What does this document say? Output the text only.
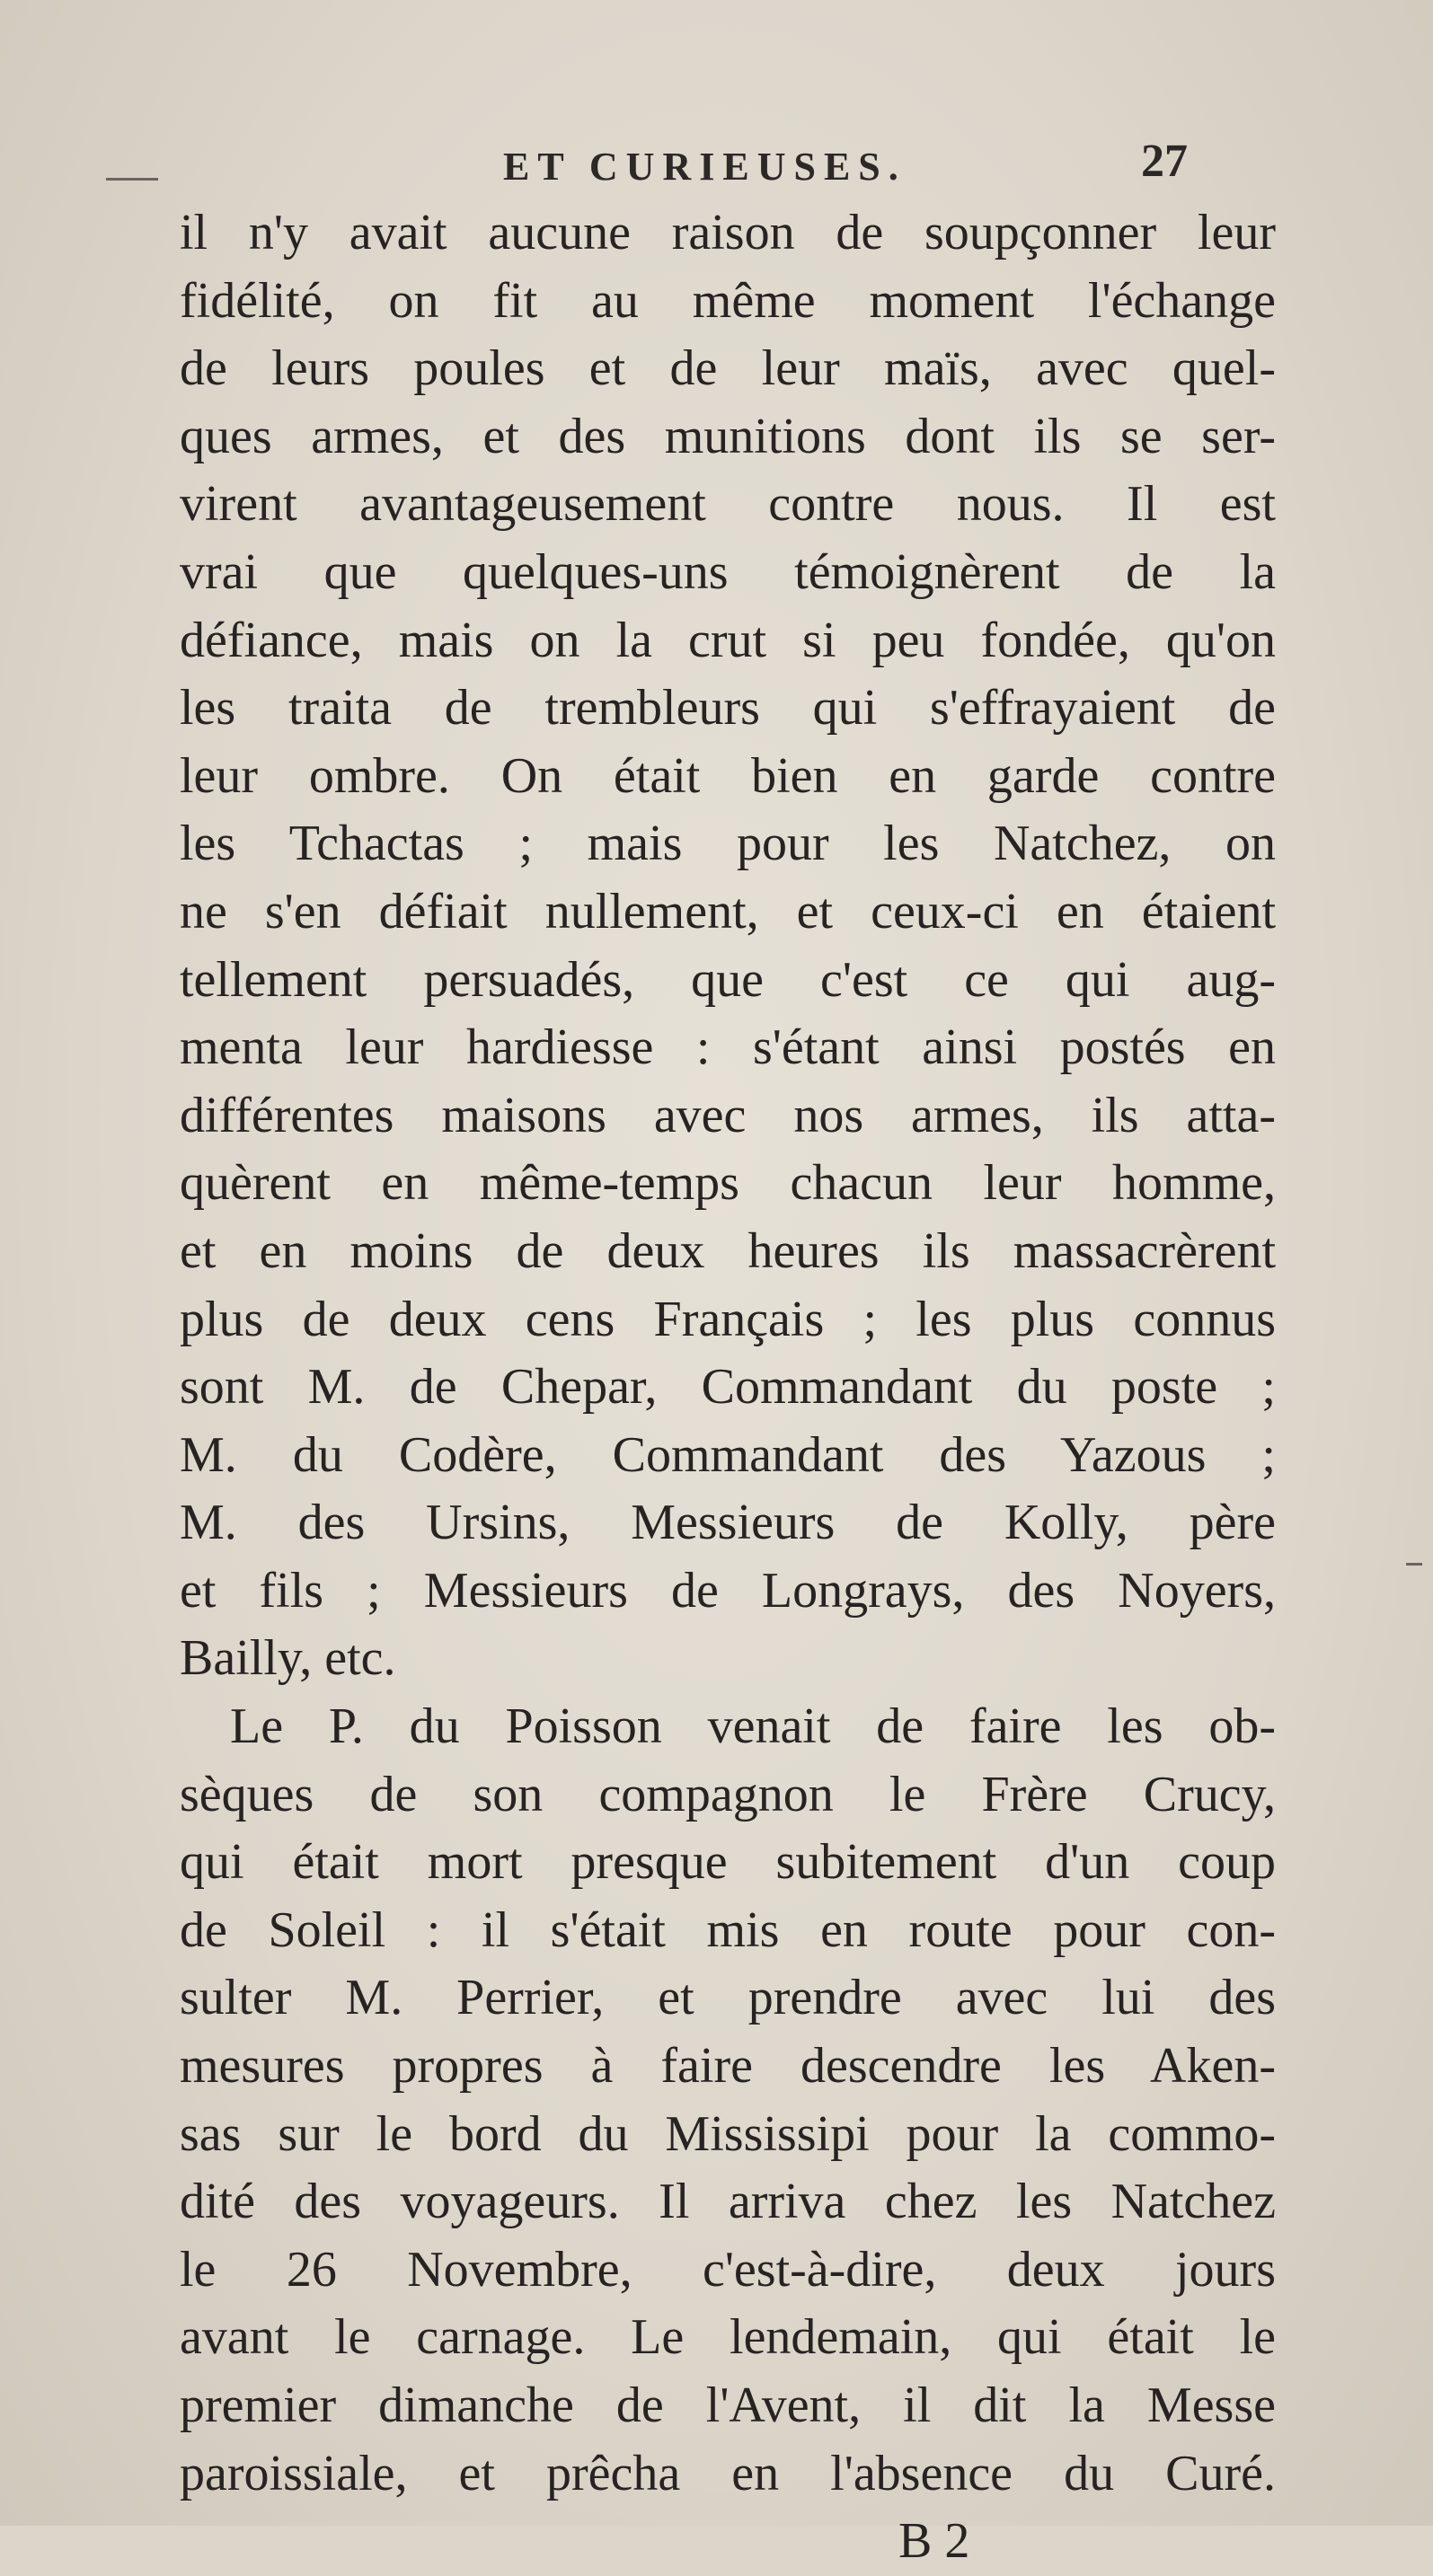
ET CURIEUSES.	27
il n'y avait aucune raison de soupçonner leur
fidélité, on fit au même moment l'échange
de leurs poules et de leur maïs, avec quel-
ques armes, et des munitions dont ils se ser-
virent avantageusement contre nous. Il est
vrai que quelques-uns témoignèrent de la
défiance, mais on la crut si peu fondée, qu'on
les traita de trembleurs qui s'effrayaient de
leur ombre. On était bien en garde contre
les Tchactas ; mais pour les Natchez, on
ne s'en défiait nullement, et ceux-ci en étaient
tellement persuadés, que c'est ce qui aug-
menta leur hardiesse : s'étant ainsi postés en
différentes maisons avec nos armes, ils atta-
quèrent en même-temps chacun leur homme,
et en moins de deux heures ils massacrèrent
plus de deux cens Français ; les plus connus
sont M. de Chepar, Commandant du poste ;
M. du Codère, Commandant des Yazous ;
M. des Ursins, Messieurs de Kolly, père
et fils ; Messieurs de Longrays, des Noyers,
Bailly, etc.
Le P. du Poisson venait de faire les ob-
sèques de son compagnon le Frère Crucy,
qui était mort presque subitement d'un coup
de Soleil : il s'était mis en route pour con-
sulter M. Perrier, et prendre avec lui des
mesures propres à faire descendre les Aken-
sas sur le bord du Mississipi pour la commo-
dité des voyageurs. Il arriva chez les Natchez
le 26 Novembre, c'est-à-dire, deux jours
avant le carnage. Le lendemain, qui était le
premier dimanche de l'Avent, il dit la Messe
paroissiale, et prêcha en l'absence du Curé.
B 2
